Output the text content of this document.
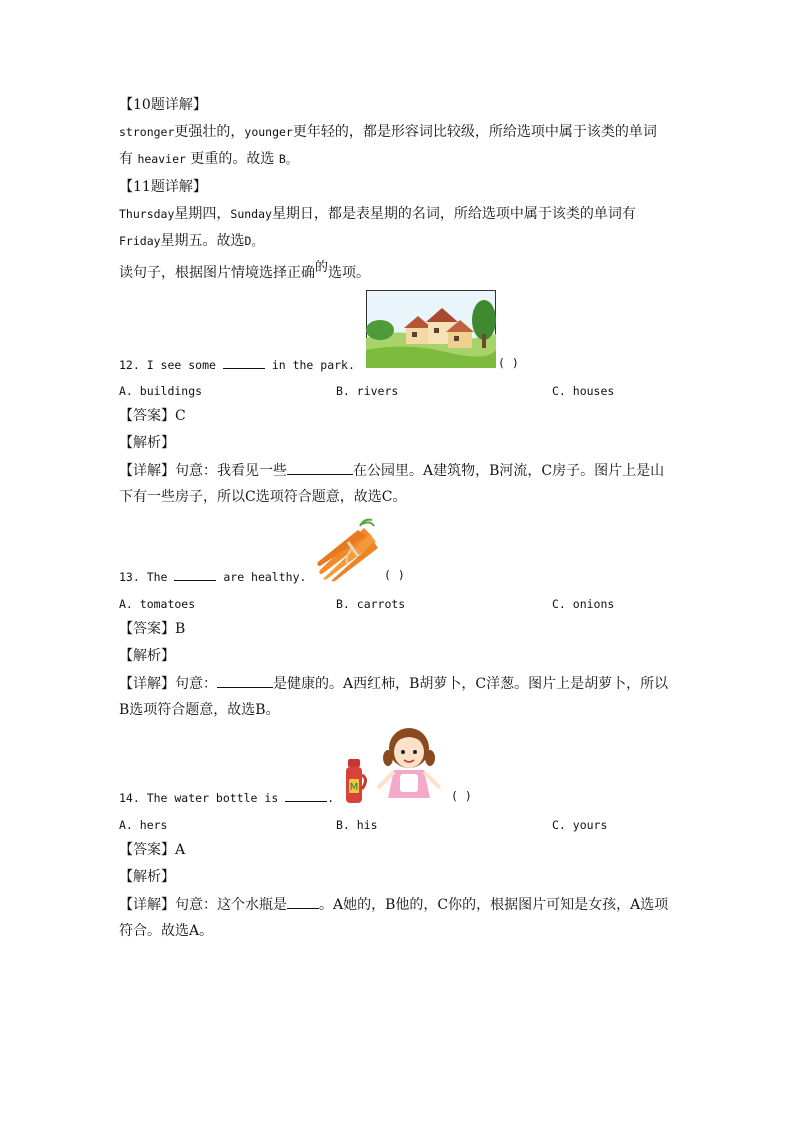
【10题详解】
stronger更强壮的，younger更年轻的，都是形容词比较级，所给选项中属于该类的单词
有 heavier 更重的。故选 B。
【11题详解】
Thursday星期四，Sunday星期日，都是表星期的名词，所给选项中属于该类的单词有
Friday星期五。故选D。
读句子，根据图片情境选择正确的选项。
12. I see some	in the park.	( )
A. buildings	B. rivers	C. houses
【答案】C
【解析】
【详解】句意：我看见一些	在公园里。A建筑物，B河流，C房子。图片上是山
下有一些房子，所以C选项符合题意，故选C。
13. The	are healthy.	( )
A. tomatoes	B. carrots	C. onions
【答案】B
【解析】
【详解】句意：	是健康的。A西红柿，B胡萝卜，C洋葱。图片上是胡萝卜，所以
B选项符合题意，故选B。
M
14. The water bottle is	.	( )
A. hers	B. his	C. yours
【答案】A
【解析】
【详解】句意：这个水瓶是 。A她的，B他的，C你的，根据图片可知是女孩，A选项
符合。故选A。
